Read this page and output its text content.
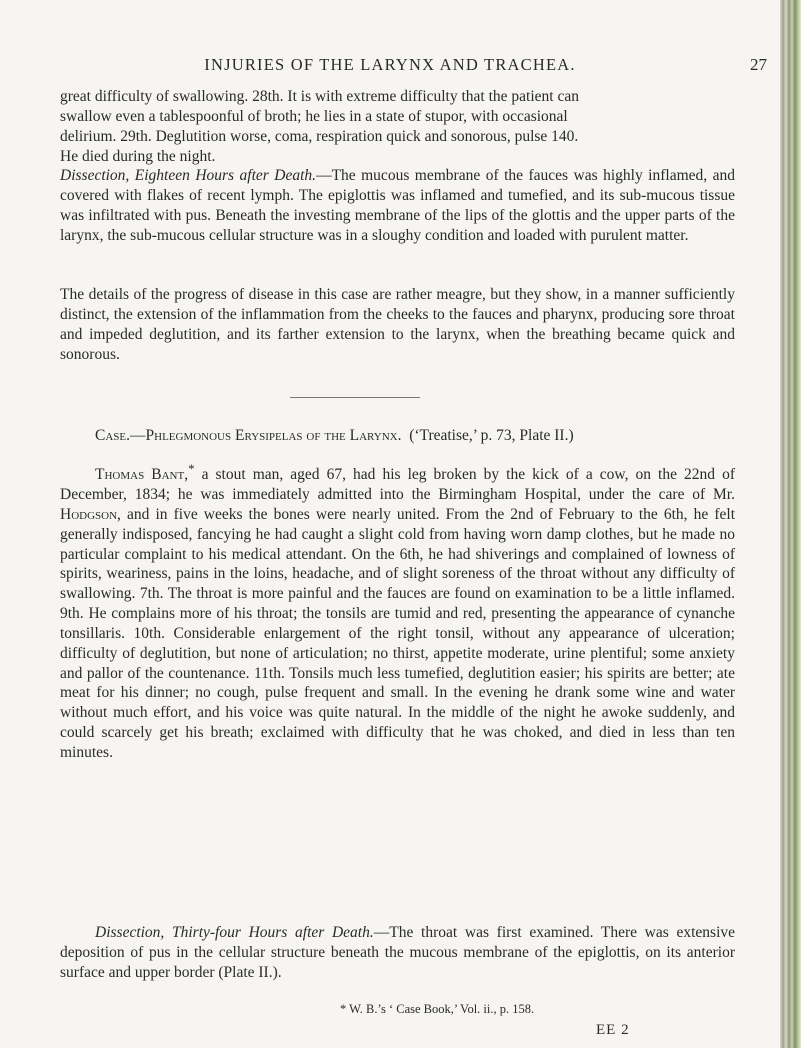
INJURIES OF THE LARYNX AND TRACHEA.	27

great difficulty of swallowing. 28th. It is with extreme difficulty that the patient can
swallow even a tablespoonful of broth; he lies in a state of stupor, with occasional
delirium. 29th. Deglutition worse, coma, respiration quick and sonorous, pulse 140.
He died during the night.

Dissection, Eighteen Hours after Death.—The mucous membrane of the fauces was highly inflamed, and covered with flakes of recent lymph. The epiglottis was inflamed and tumefied, and its sub-mucous tissue was infiltrated with pus. Beneath the investing membrane of the lips of the glottis and the upper parts of the larynx, the sub-mucous cellular structure was in a sloughy condition and loaded with purulent matter.

The details of the progress of disease in this case are rather meagre, but they show, in a manner sufficiently distinct, the extension of the inflammation from the cheeks to the fauces and pharynx, producing sore throat and impeded deglutition, and its farther extension to the larynx, when the breathing became quick and sonorous.

Case.—Phlegmonous Erysipelas of the Larynx. (‘Treatise,’ p. 73, Plate II.)

Thomas Bant,* a stout man, aged 67, had his leg broken by the kick of a cow, on the 22nd of December, 1834; he was immediately admitted into the Birmingham Hospital, under the care of Mr. Hodgson, and in five weeks the bones were nearly united. From the 2nd of February to the 6th, he felt generally indisposed, fancying he had caught a slight cold from having worn damp clothes, but he made no particular complaint to his medical attendant. On the 6th, he had shiverings and complained of lowness of spirits, weariness, pains in the loins, headache, and of slight soreness of the throat without any difficulty of swallowing. 7th. The throat is more painful and the fauces are found on examination to be a little inflamed. 9th. He complains more of his throat; the tonsils are tumid and red, presenting the appearance of cynanche tonsillaris. 10th. Considerable enlargement of the right tonsil, without any appearance of ulceration; difficulty of deglutition, but none of articulation; no thirst, appetite moderate, urine plentiful; some anxiety and pallor of the countenance. 11th. Tonsils much less tumefied, deglutition easier; his spirits are better; ate meat for his dinner; no cough, pulse frequent and small. In the evening he drank some wine and water without much effort, and his voice was quite natural. In the middle of the night he awoke suddenly, and could scarcely get his breath; exclaimed with difficulty that he was choked, and died in less than ten minutes.

Dissection, Thirty-four Hours after Death.—The throat was first examined. There was extensive deposition of pus in the cellular structure beneath the mucous membrane of the epiglottis, on its anterior surface and upper border (Plate II.).

* W. B.’s ‘ Case Book,’ Vol. ii., p. 158.
EE 2
